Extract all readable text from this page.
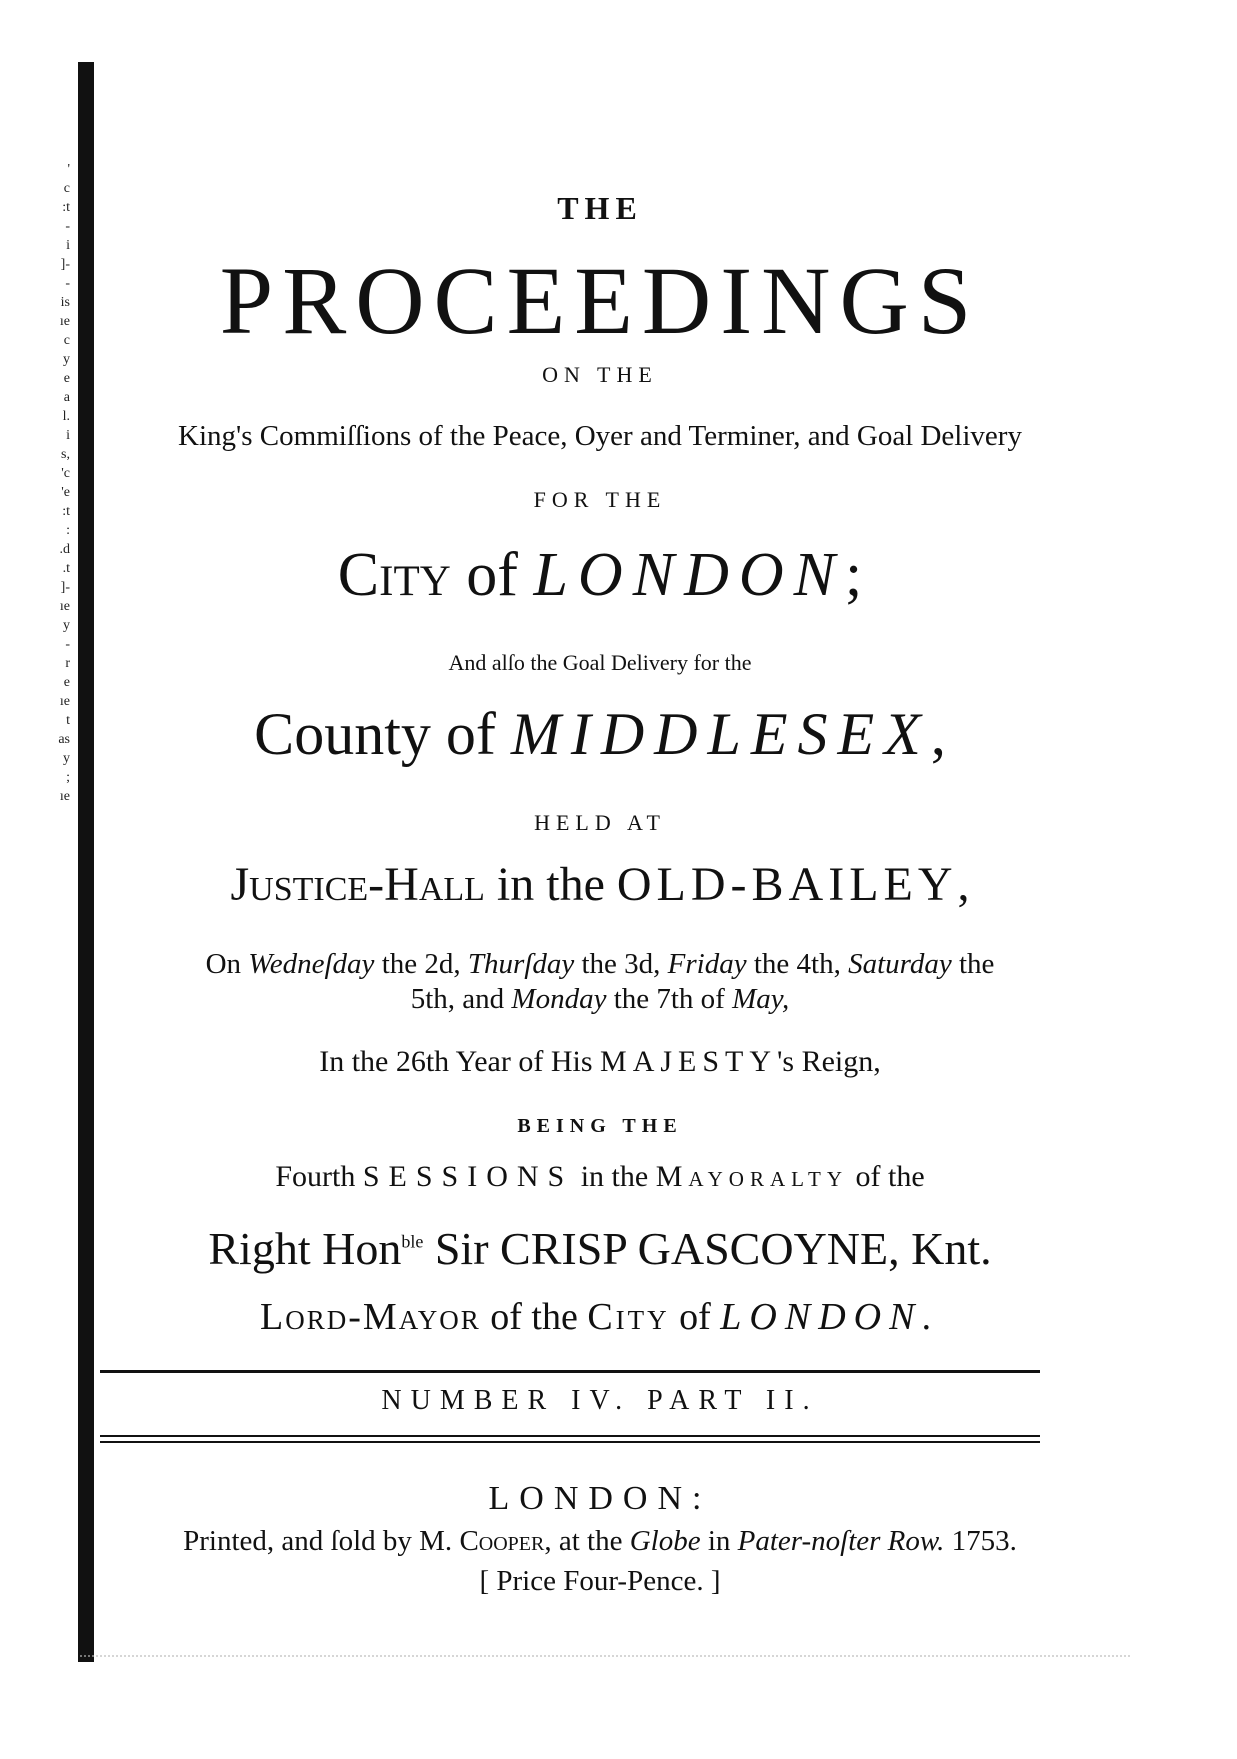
'
c
:t
-
i
]-
-
is
ıe
c
y
e
a
l.
i
s,
'c
'e
:t
:
.d
.t
]-
ıe
y
-
r
e
ıe
t
as
y
;
ıe
THE
PROCEEDINGS
ON THE
King's Commiſſions of the Peace, Oyer and Terminer, and Goal Delivery
FOR THE
City of LONDON;
And alſo the Goal Delivery for the
County of MIDDLESEX,
HELD AT
Justice-Hall in the OLD-BAILEY,
On Wedneſday the 2d, Thurſday the 3d, Friday the 4th, Saturday the
5th, and Monday the 7th of May,
In the 26th Year of His MAJESTY's Reign,
BEING THE
Fourth SESSIONS in the Mayoralty of the
Right Hon$^{ble}$ Sir CRISP GASCOYNE, Knt.
Lord-Mayor of the City of LONDON.
NUMBER IV. PART II.
LONDON:
Printed, and ſold by M. Cooper, at the Globe in Pater-noſter Row. 1753.
[ Price Four-Pence. ]
